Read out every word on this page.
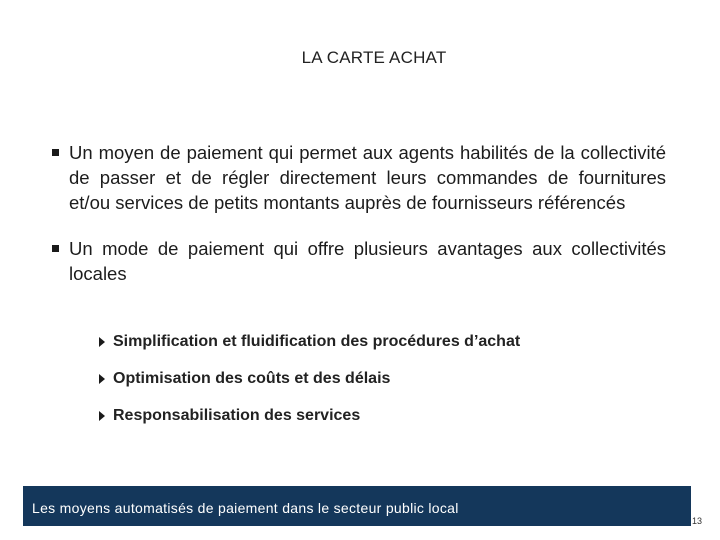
LA CARTE ACHAT
Un moyen de paiement qui permet aux agents habilités de la collectivité de passer et de régler directement leurs commandes de fournitures et/ou services de petits montants auprès de fournisseurs référencés
Un mode de paiement qui offre plusieurs avantages aux collectivités locales
Simplification et fluidification des procédures d’achat
Optimisation des coûts et des délais
Responsabilisation des services
Les moyens automatisés de paiement dans le secteur public local
13
